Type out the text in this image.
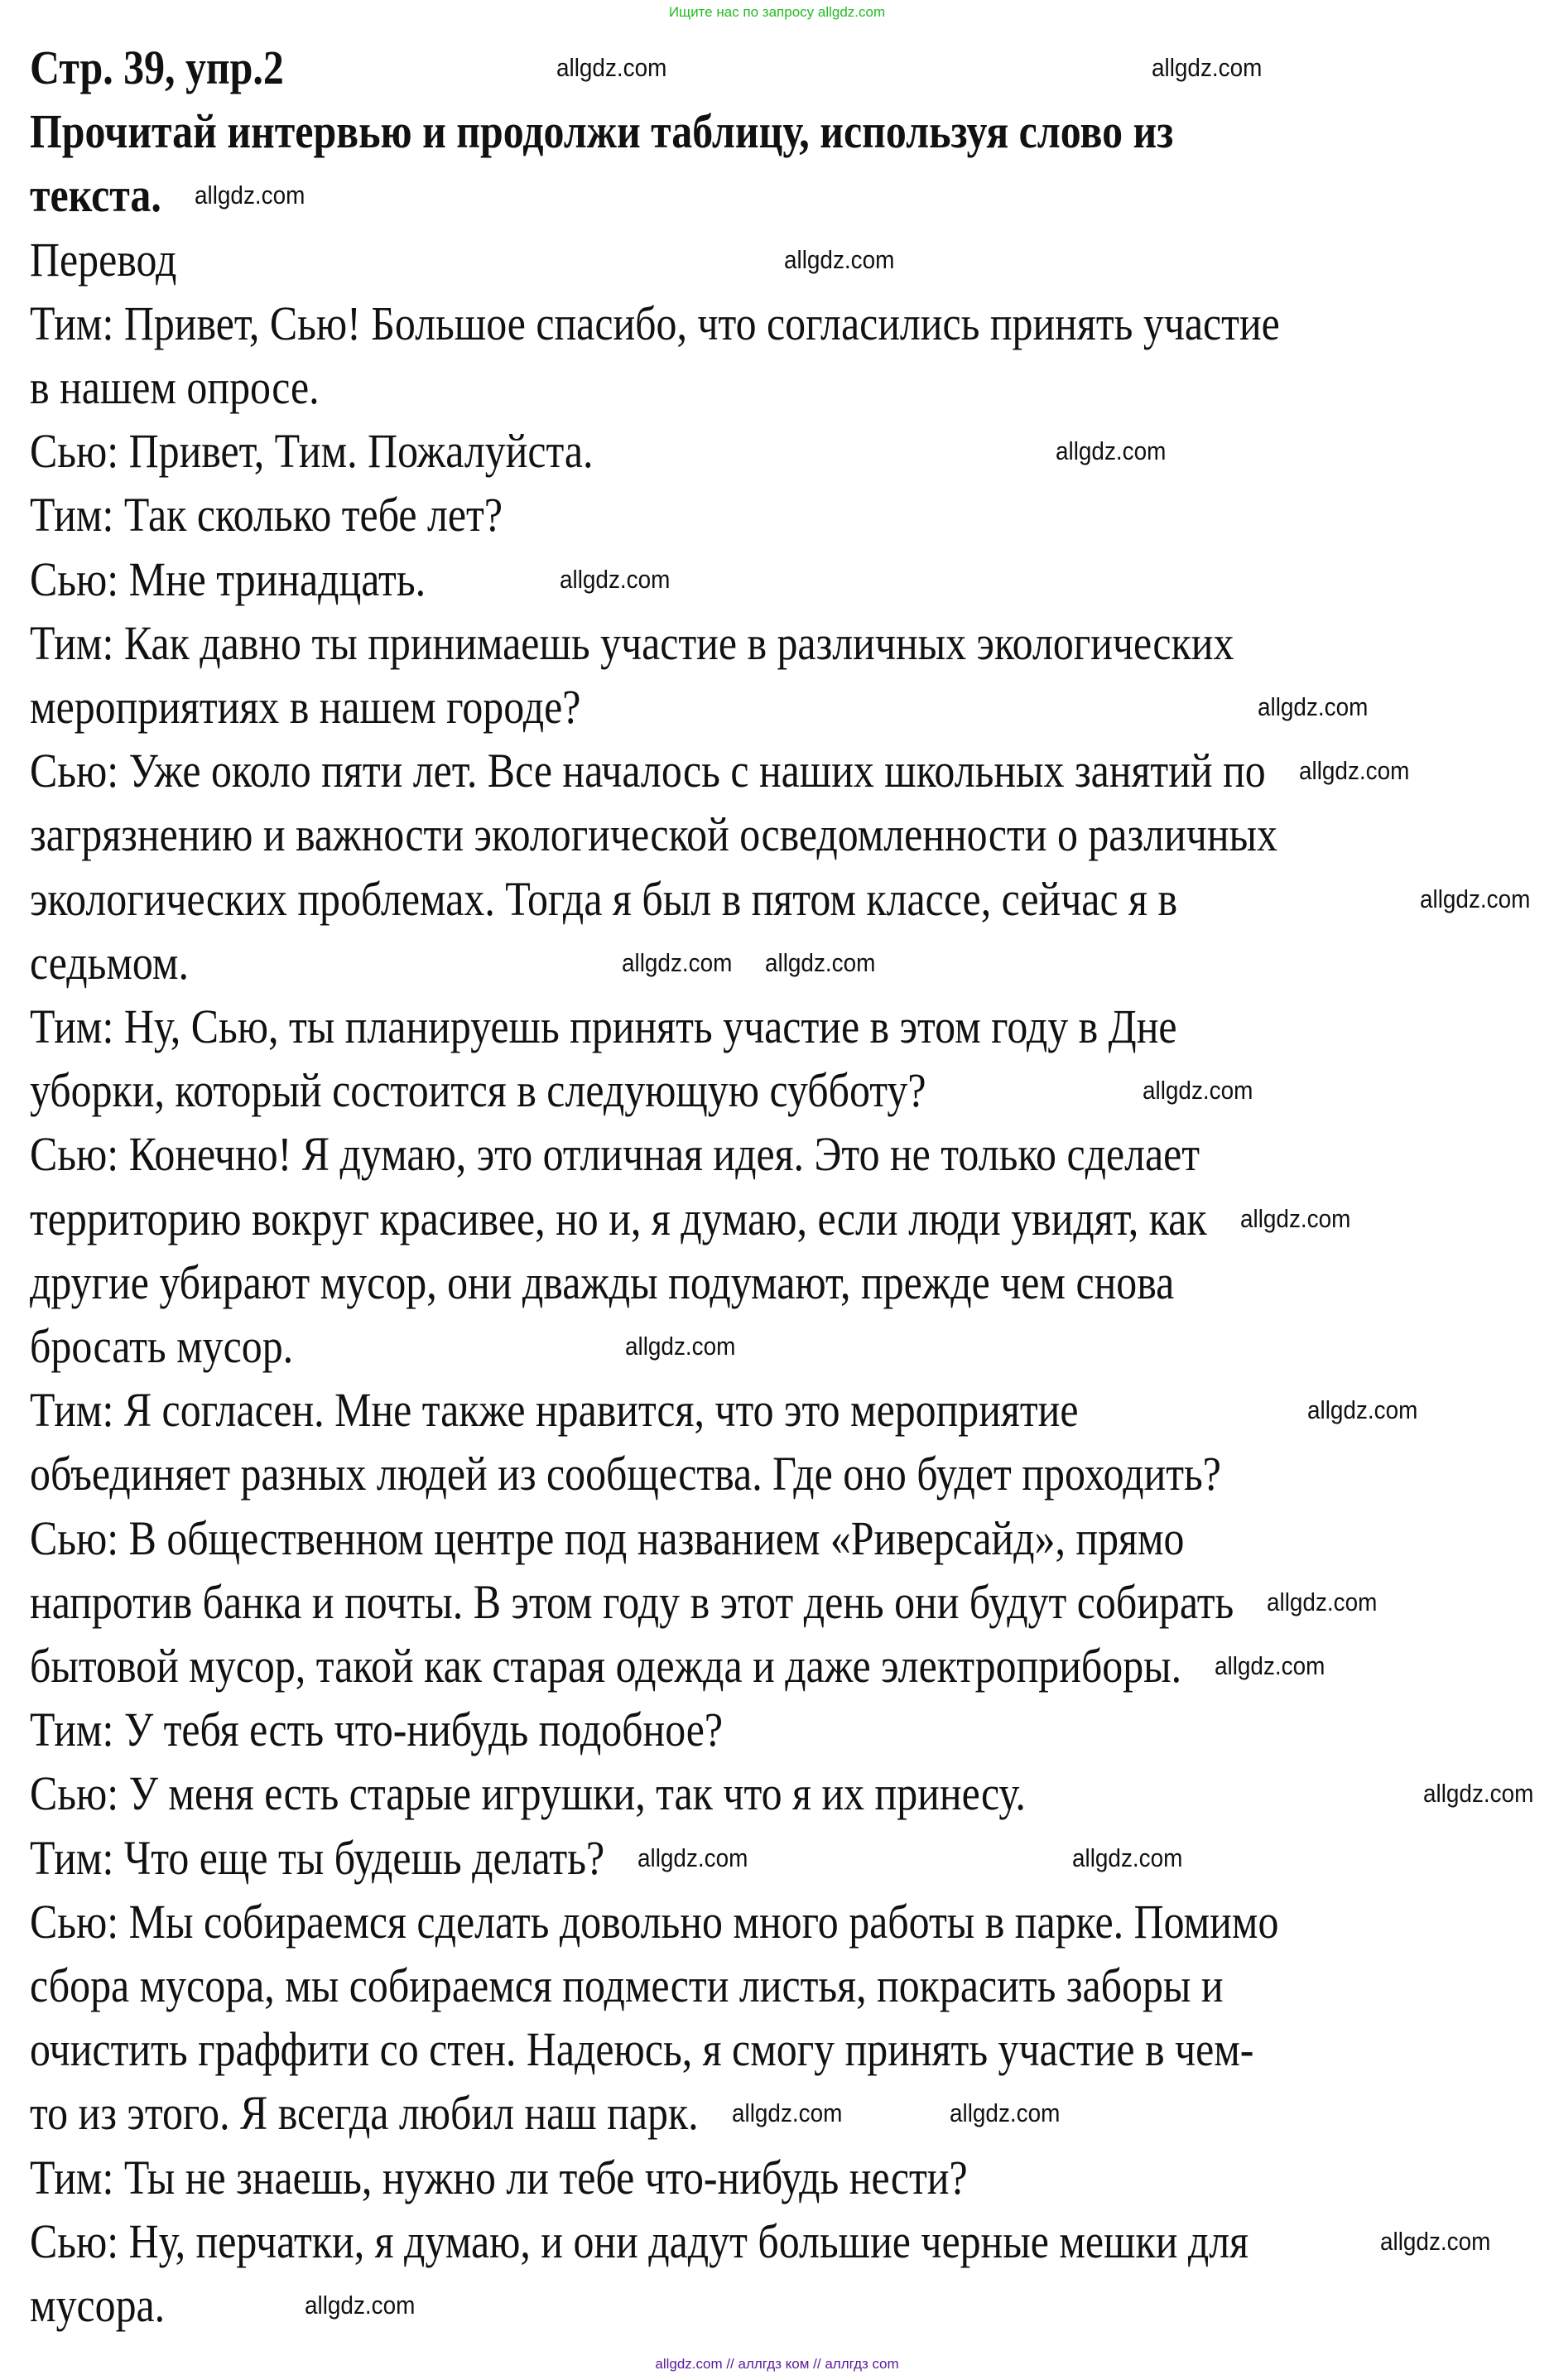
Ищите нас по запросу allgdz.com
Стр. 39, упр.2
Прочитай интервью и продолжи таблицу, используя слово из
текста.
Перевод
Тим: Привет, Сью! Большое спасибо, что согласились принять участие
в нашем опросе.
Сью: Привет, Тим. Пожалуйста.
Тим: Так сколько тебе лет?
Сью: Мне тринадцать.
Тим: Как давно ты принимаешь участие в различных экологических
мероприятиях в нашем городе?
Сью: Уже около пяти лет. Все началось с наших школьных занятий по
загрязнению и важности экологической осведомленности о различных
экологических проблемах. Тогда я был в пятом классе, сейчас я в
седьмом.
Тим: Ну, Сью, ты планируешь принять участие в этом году в Дне
уборки, который состоится в следующую субботу?
Сью: Конечно! Я думаю, это отличная идея. Это не только сделает
территорию вокруг красивее, но и, я думаю, если люди увидят, как
другие убирают мусор, они дважды подумают, прежде чем снова
бросать мусор.
Тим: Я согласен. Мне также нравится, что это мероприятие
объединяет разных людей из сообщества. Где оно будет проходить?
Сью: В общественном центре под названием «Риверсайд», прямо
напротив банка и почты. В этом году в этот день они будут собирать
бытовой мусор, такой как старая одежда и даже электроприборы.
Тим: У тебя есть что-нибудь подобное?
Сью: У меня есть старые игрушки, так что я их принесу.
Тим: Что еще ты будешь делать?
Сью: Мы собираемся сделать довольно много работы в парке. Помимо
сбора мусора, мы собираемся подмести листья, покрасить заборы и
очистить граффити со стен. Надеюсь, я смогу принять участие в чем-
то из этого. Я всегда любил наш парк.
Тим: Ты не знаешь, нужно ли тебе что-нибудь нести?
Сью: Ну, перчатки, я думаю, и они дадут большие черные мешки для
мусора.
allgdz.com	allgdz.com
allgdz.com
allgdz.com
allgdz.com
allgdz.com
allgdz.com
allgdz.com
allgdz.com
allgdz.com allgdz.com
allgdz.com
allgdz.com
allgdz.com
allgdz.com
allgdz.com
allgdz.com
allgdz.com
allgdz.com	allgdz.com
allgdz.com	allgdz.com
allgdz.com
allgdz.com
allgdz.com // аллгдз ком // аллгдз com
